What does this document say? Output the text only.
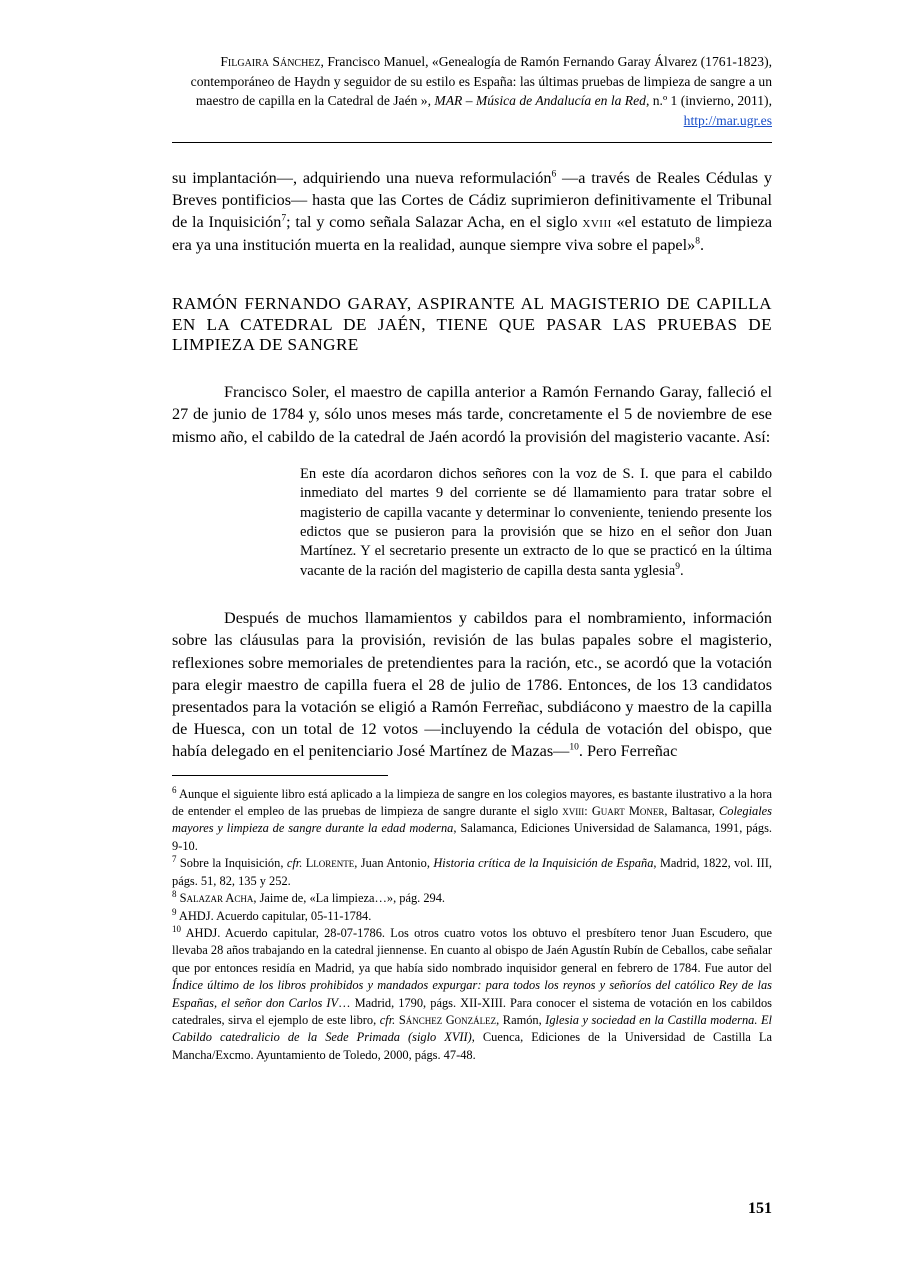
Filgaira Sánchez, Francisco Manuel, «Genealogía de Ramón Fernando Garay Álvarez (1761-1823), contemporáneo de Haydn y seguidor de su estilo es España: las últimas pruebas de limpieza de sangre a un maestro de capilla en la Catedral de Jaén », MAR – Música de Andalucía en la Red, n.º 1 (invierno, 2011), http://mar.ugr.es

su implantación—, adquiriendo una nueva reformulación$^6$ —a través de Reales Cédulas y Breves pontificios— hasta que las Cortes de Cádiz suprimieron definitivamente el Tribunal de la Inquisición$^7$; tal y como señala Salazar Acha, en el siglo xviii «el estatuto de limpieza era ya una institución muerta en la realidad, aunque siempre viva sobre el papel»$^8$.

RAMÓN FERNANDO GARAY, ASPIRANTE AL MAGISTERIO DE CAPILLA EN LA CATEDRAL DE JAÉN, TIENE QUE PASAR LAS PRUEBAS DE LIMPIEZA DE SANGRE

Francisco Soler, el maestro de capilla anterior a Ramón Fernando Garay, falleció el 27 de junio de 1784 y, sólo unos meses más tarde, concretamente el 5 de noviembre de ese mismo año, el cabildo de la catedral de Jaén acordó la provisión del magisterio vacante. Así:

En este día acordaron dichos señores con la voz de S. I. que para el cabildo inmediato del martes 9 del corriente se dé llamamiento para tratar sobre el magisterio de capilla vacante y determinar lo conveniente, teniendo presente los edictos que se pusieron para la provisión que se hizo en el señor don Juan Martínez. Y el secretario presente un extracto de lo que se practicó en la última vacante de la ración del magisterio de capilla desta santa yglesia$^9$.

Después de muchos llamamientos y cabildos para el nombramiento, información sobre las cláusulas para la provisión, revisión de las bulas papales sobre el magisterio, reflexiones sobre memoriales de pretendientes para la ración, etc., se acordó que la votación para elegir maestro de capilla fuera el 28 de julio de 1786. Entonces, de los 13 candidatos presentados para la votación se eligió a Ramón Ferreñac, subdiácono y maestro de la capilla de Huesca, con un total de 12 votos —incluyendo la cédula de votación del obispo, que había delegado en el penitenciario José Martínez de Mazas—$^{10}$. Pero Ferreñac

$^6$ Aunque el siguiente libro está aplicado a la limpieza de sangre en los colegios mayores, es bastante ilustrativo a la hora de entender el empleo de las pruebas de limpieza de sangre durante el siglo xviii: Guart Moner, Baltasar, Colegiales mayores y limpieza de sangre durante la edad moderna, Salamanca, Ediciones Universidad de Salamanca, 1991, págs. 9-10.

$^7$ Sobre la Inquisición, cfr. Llorente, Juan Antonio, Historia crítica de la Inquisición de España, Madrid, 1822, vol. III, págs. 51, 82, 135 y 252.

$^8$ Salazar Acha, Jaime de, «La limpieza…», pág. 294.

$^9$ AHDJ. Acuerdo capitular, 05-11-1784.

$^{10}$ AHDJ. Acuerdo capitular, 28-07-1786. Los otros cuatro votos los obtuvo el presbítero tenor Juan Escudero, que llevaba 28 años trabajando en la catedral jiennense. En cuanto al obispo de Jaén Agustín Rubín de Ceballos, cabe señalar que por entonces residía en Madrid, ya que había sido nombrado inquisidor general en febrero de 1784. Fue autor del Índice último de los libros prohibidos y mandados expurgar: para todos los reynos y señoríos del católico Rey de las Españas, el señor don Carlos IV… Madrid, 1790, págs. XII-XIII. Para conocer el sistema de votación en los cabildos catedrales, sirva el ejemplo de este libro, cfr. Sánchez González, Ramón, Iglesia y sociedad en la Castilla moderna. El Cabildo catedralicio de la Sede Primada (siglo XVII), Cuenca, Ediciones de la Universidad de Castilla La Mancha/Excmo. Ayuntamiento de Toledo, 2000, págs. 47-48.

151
